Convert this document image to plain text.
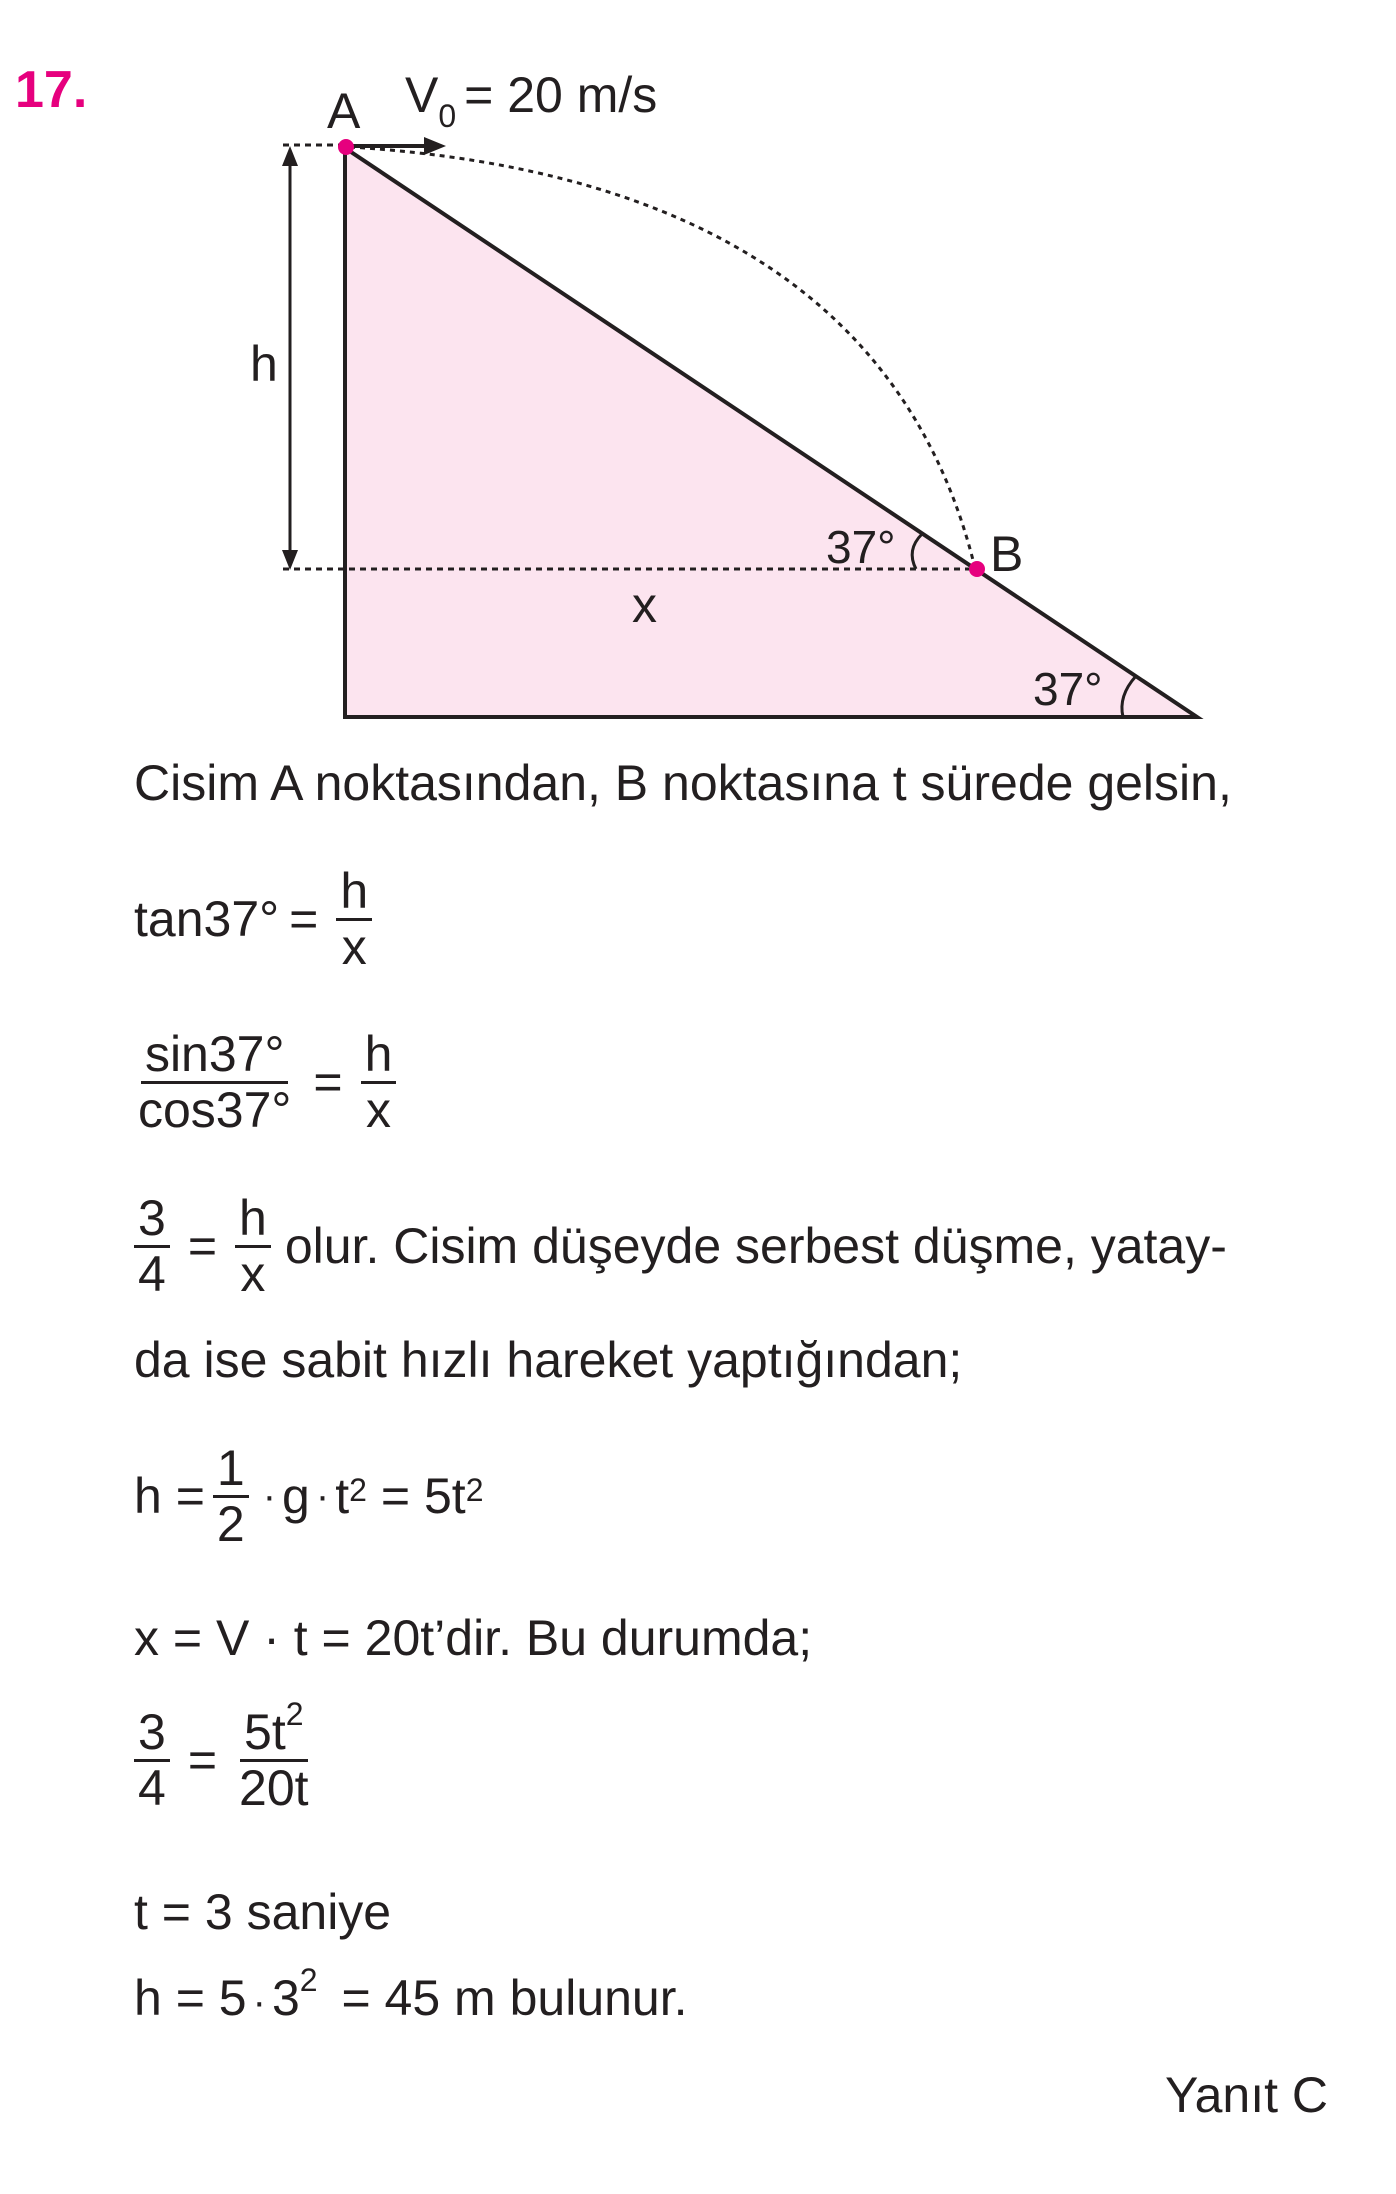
17.	A
B
$V_0 = 20$ m/s
h
x
37°
37°
Cisim A noktasından, B noktasına t sürede gelsin,
$\tan 37^\circ = \frac{h}{x}$
$\frac{\sin 37^\circ}{\cos 37^\circ} = \frac{h}{x}$
$\frac{3}{4} = \frac{h}{x}$ olur. Cisim düşeyde serbest düşme, yatay-
da ise sabit hızlı hareket yaptığından;
$h = \frac{1}{2} \cdot g \cdot t^2 = 5t^2$
x = V · t = 20t’dir. Bu durumda;
$\frac{3}{4} = \frac{5t^2}{20t}$
t = 3 saniye
$h = 5 \cdot 3^2 = 45$ m bulunur.
Yanıt C
